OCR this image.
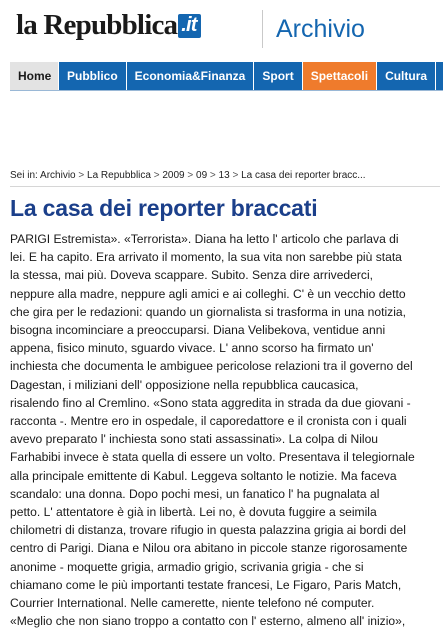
la Repubblica .it	Archivio
Home	Pubblico	Economia&Finanza	Sport	Spettacoli	Cultura
Sei in: Archivio > La Repubblica > 2009 > 09 > 13 > La casa dei reporter bracc...
La casa dei reporter braccati
PARIGI Estremista». «Terrorista». Diana ha letto l' articolo che parlava di
lei. E ha capito. Era arrivato il momento, la sua vita non sarebbe più stata
la stessa, mai più. Doveva scappare. Subito. Senza dire arrivederci,
neppure alla madre, neppure agli amici e ai colleghi. C' è un vecchio detto
che gira per le redazioni: quando un giornalista si trasforma in una notizia,
bisogna incominciare a preoccuparsi. Diana Velibekova, ventidue anni
appena, fisico minuto, sguardo vivace. L' anno scorso ha firmato un'
inchiesta che documenta le ambiguee pericolose relazioni tra il governo del
Dagestan, i miliziani dell' opposizione nella repubblica caucasica,
risalendo fino al Cremlino. «Sono stata aggredita in strada da due giovani -
racconta -. Mentre ero in ospedale, il caporedattore e il cronista con i quali
avevo preparato l' inchiesta sono stati assassinati». La colpa di Nilou
Farhabibi invece è stata quella di essere un volto. Presentava il telegiornale
alla principale emittente di Kabul. Leggeva soltanto le notizie. Ma faceva
scandalo: una donna. Dopo pochi mesi, un fanatico l' ha pugnalata al
petto. L' attentatore è già in libertà. Lei no, è dovuta fuggire a seimila
chilometri di distanza, trovare rifugio in questa palazzina grigia ai bordi del
centro di Parigi. Diana e Nilou ora abitano in piccole stanze rigorosamente
anonime - moquette grigia, armadio grigio, scrivania grigia - che si
chiamano come le più importanti testate francesi, Le Figaro, Paris Match,
Courrier International. Nelle camerette, niente telefono né computer.
«Meglio che non siano troppo a contatto con l' esterno, almeno all' inizio»,
